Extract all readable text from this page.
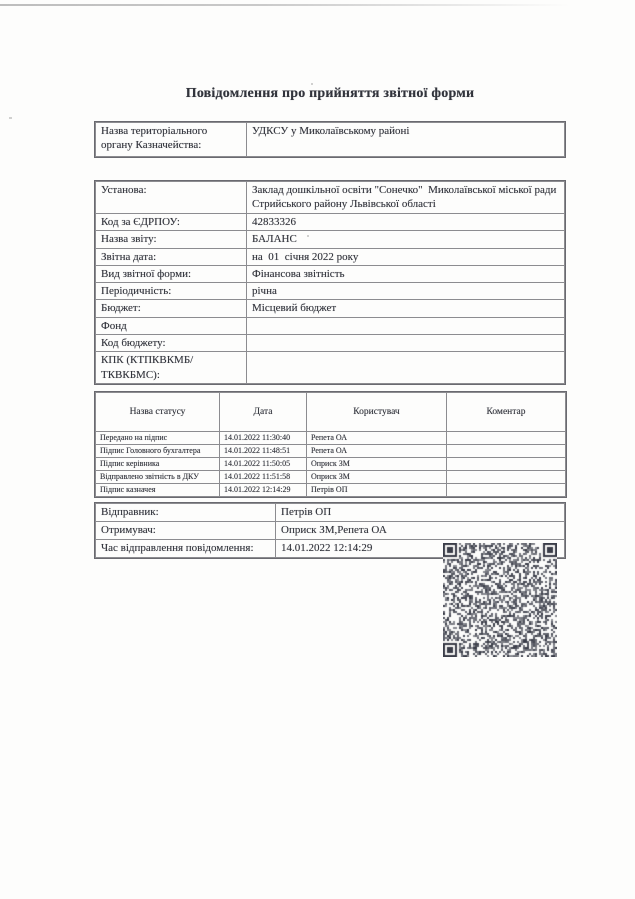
Повідомлення про прийняття звітної форми
Назва територіального органу Казначейства:	УДКСУ у Миколаївському районі
Установа:	Заклад дошкільної освіти "Сонечко"  Миколаївської міської ради Стрийського району Львівської області
Код за ЄДРПОУ:	42833326
Назва звіту:	БАЛАНС
Звітна дата:	на  01  січня 2022 року
Вид звітної форми:	Фінансова звітність
Періодичність:	річна
Бюджет:	Місцевий бюджет
Фонд	
Код бюджету:	
КПК (КТПКВКМБ/ТКВКБМС):	
Назва статусу	Дата	Користувач	Коментар
Передано на підпис	14.01.2022 11:30:40	Репета ОА	
Підпис Головного бухгалтера	14.01.2022 11:48:51	Репета ОА	
Підпис керівника	14.01.2022 11:50:05	Оприск ЗМ	
Відправлено звітність в ДКУ	14.01.2022 11:51:58	Оприск ЗМ	
Підпис казначея	14.01.2022 12:14:29	Петрів ОП	
Відправник:	Петрів ОП
Отримувач:	Оприск ЗМ,Репета ОА
Час відправлення повідомлення:	14.01.2022 12:14:29
